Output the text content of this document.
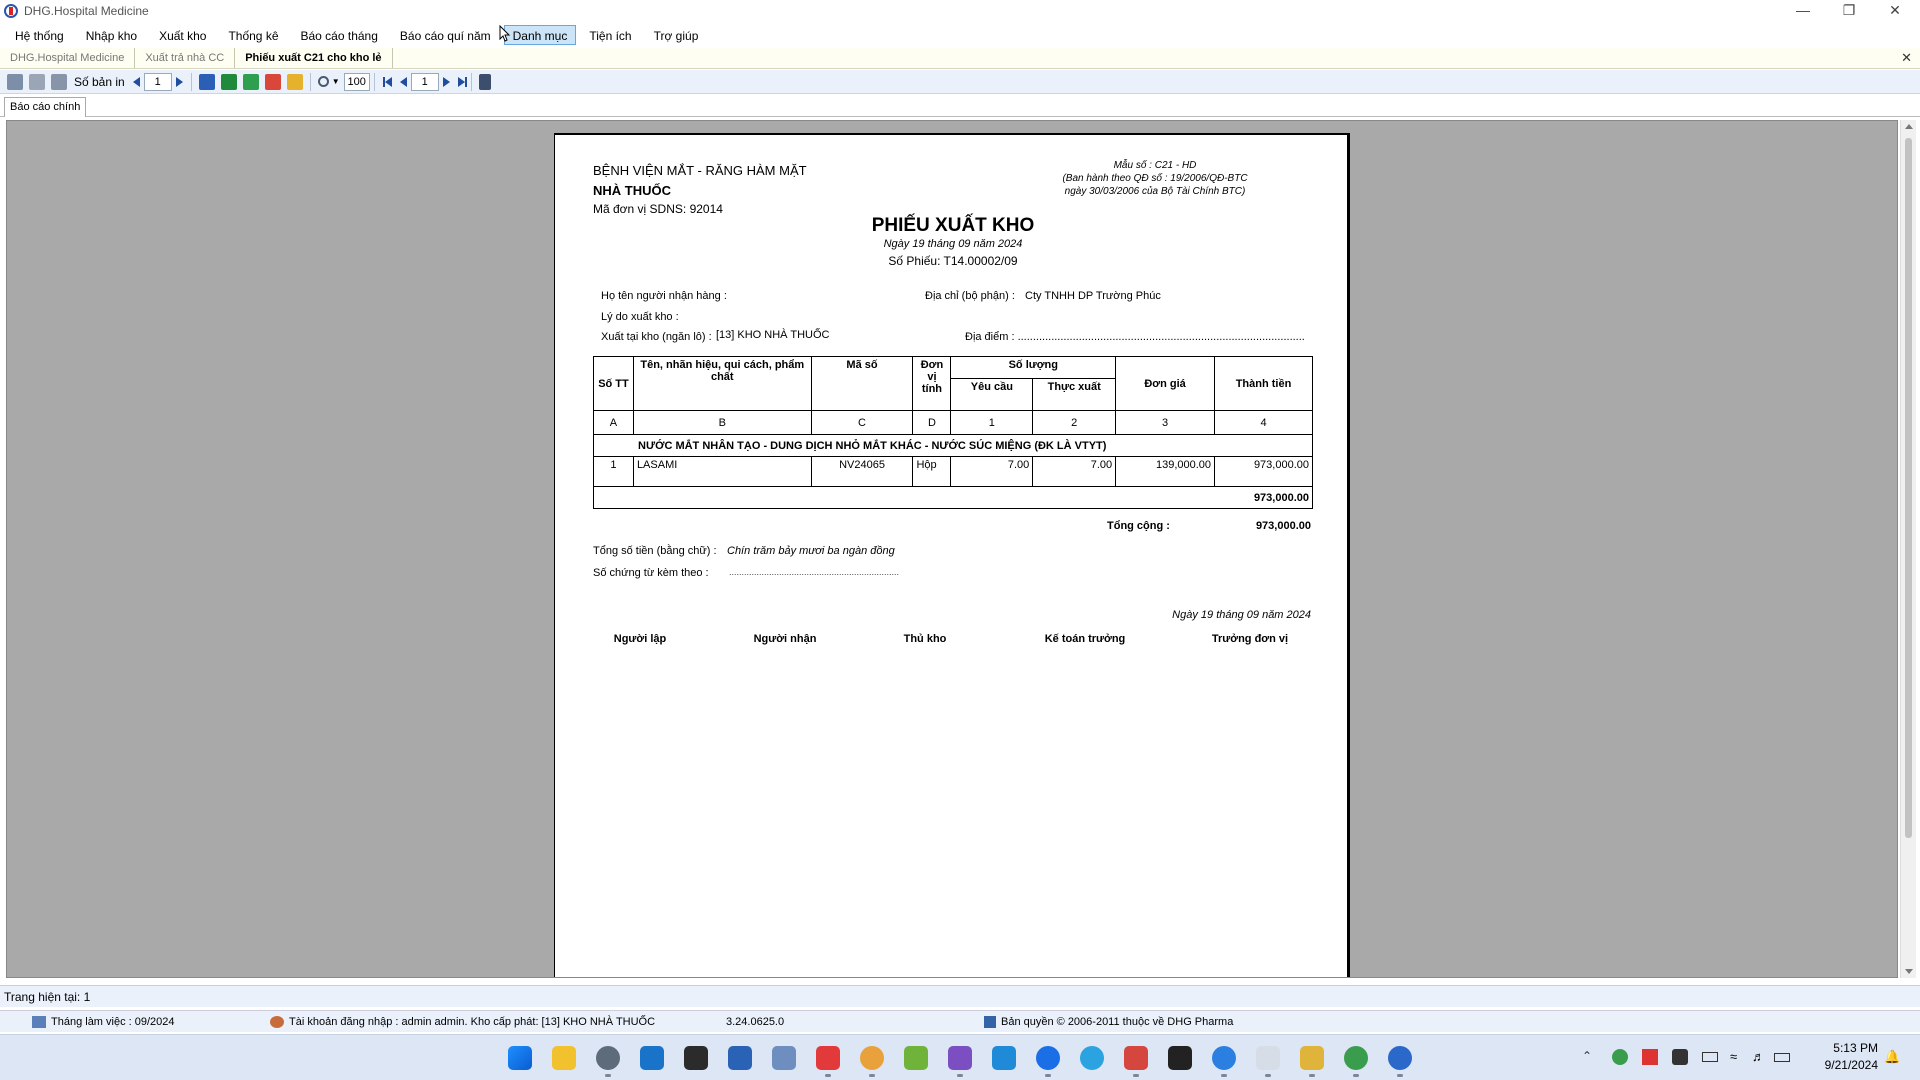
DHG.Hospital Medicine	—	❐	✕
Hệ thống	Nhập kho	Xuất kho	Thống kê	Báo cáo tháng	Báo cáo quí năm	Danh mục	Tiện ích	Trợ giúp
DHG.Hospital Medicine	Xuất trả nhà CC	Phiếu xuất C21 cho kho lẻ	✕
Số bản in	1	▼ 100	1
Báo cáo chính
BỆNH VIỆN MẮT - RĂNG HÀM MẶT
NHÀ THUỐC
Mã đơn vị SDNS: 92014
Mẫu số : C21 - HD
(Ban hành theo QĐ số : 19/2006/QĐ-BTC
ngày 30/03/2006 của Bộ Tài Chính BTC)
PHIẾU XUẤT KHO
Ngày 19 tháng 09 năm 2024
Số Phiếu: T14.00002/09
Họ tên người nhận hàng :	Địa chỉ (bộ phận) : Cty TNHH DP Trường Phúc
Lý do xuất kho :
Xuất tại kho (ngăn lô) : [13] KHO NHÀ THUỐC	Địa điểm : ..............................................................................................
Số TT	Tên, nhãn hiệu, qui cách, phẩm chất	Mã số	Đơn vị tính	Số lượng		Đơn giá	Thành tiền
				Yêu cầu	Thực xuất		
A	B	C	D	1	2	3	4
NƯỚC MẮT NHÂN TẠO - DUNG DỊCH NHỎ MẮT KHÁC - NƯỚC SÚC MIỆNG (ĐK LÀ VTYT)							
1	LASAMI	NV24065	Hộp	7.00	7.00	139,000.00	973,000.00
973,000.00							
Tổng cộng :	973,000.00
Tổng số tiền (bằng chữ) : Chín trăm bảy mươi ba ngàn đồng
Số chứng từ kèm theo : ....................................................................
Ngày 19 tháng 09 năm 2024
Người lập	Người nhận	Thủ kho	Kế toán trưởng	Trưởng đơn vị
Trang hiện tại: 1
Tháng làm việc : 09/2024	Tài khoản đăng nhập : admin admin. Kho cấp phát: [13] KHO NHÀ THUỐC	3.24.0625.0	Bản quyền © 2006-2011 thuộc về DHG Pharma
⌃	≈	♬
5:13 PM
9/21/2024
🔔
